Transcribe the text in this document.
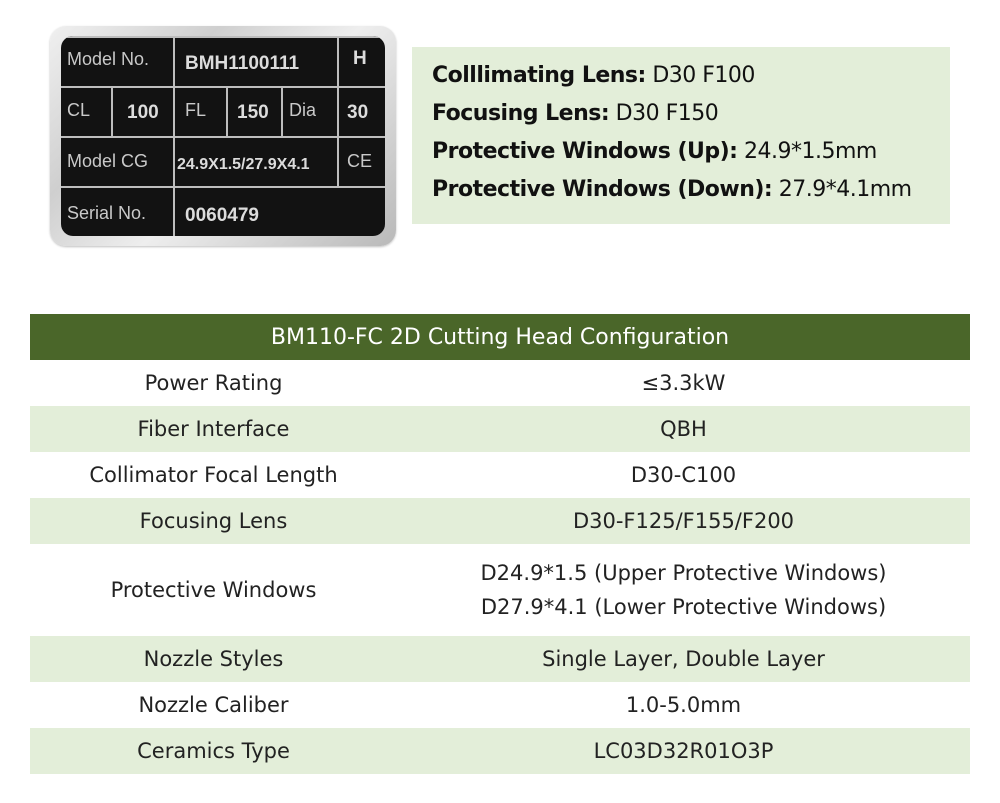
Model No. BMH1100111	H
CL 100 FL 150 Dia 30
Model CG 24.9X1.5/27.9X4.1 CE
Serial No. 0060479
Colllimating Lens: D30 F100
Focusing Lens: D30 F150
Protective Windows (Up): 24.9*1.5mm
Protective Windows (Down): 27.9*4.1mm
BM110-FC 2D Cutting Head Configuration
Power Rating	≤3.3kW
Fiber Interface	QBH
Collimator Focal Length	D30-C100
Focusing Lens	D30-F125/F155/F200
Protective Windows
D24.9*1.5 (Upper Protective Windows)
D27.9*4.1 (Lower Protective Windows)
Nozzle Styles	Single Layer, Double Layer
Nozzle Caliber	1.0-5.0mm
Ceramics Type	LC03D32R01O3P
